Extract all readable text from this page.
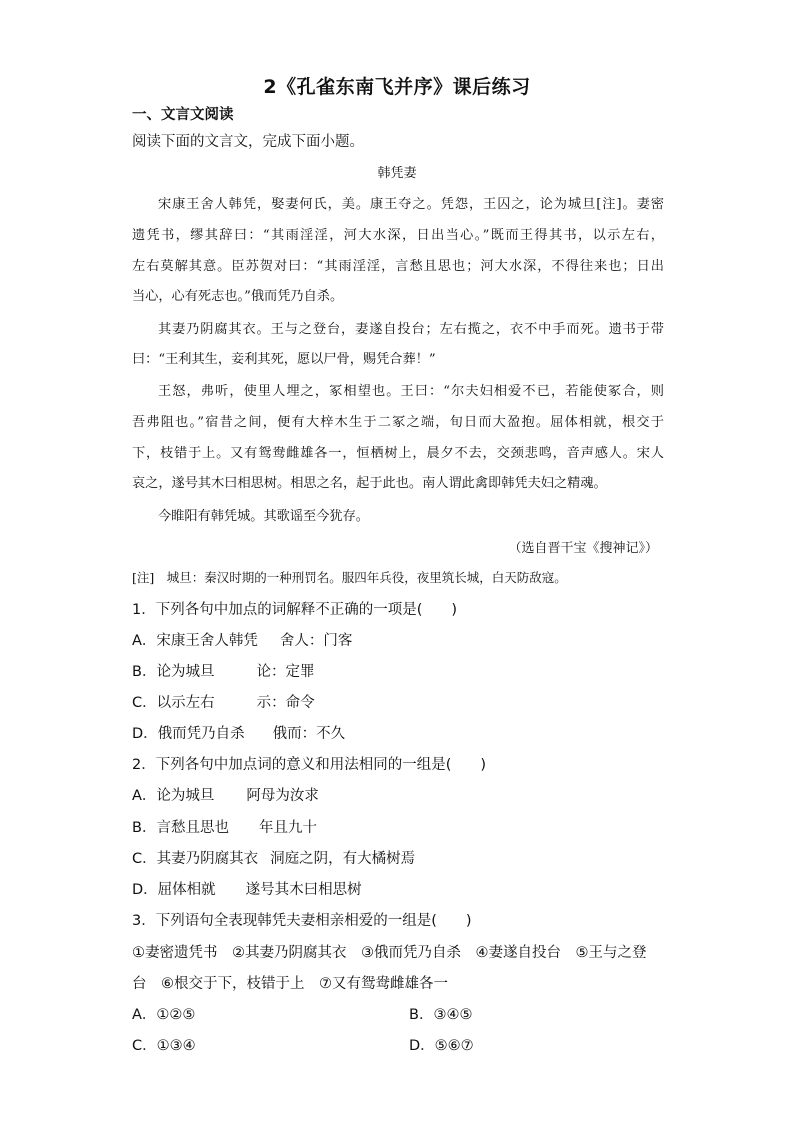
2《孔雀东南飞并序》课后练习
一、文言文阅读
阅读下面的文言文，完成下面小题。
韩凭妻
宋康王舍人韩凭，娶妻何氏，美。康王夺之。凭怨，王囚之，论为城旦[注]。妻密
遗凭书，缪其辞曰：“其雨淫淫，河大水深，日出当心。”既而王得其书，以示左右，
左右莫解其意。臣苏贺对曰：“其雨淫淫，言愁且思也；河大水深，不得往来也；日出
当心，心有死志也。”俄而凭乃自杀。
其妻乃阴腐其衣。王与之登台，妻遂自投台；左右揽之，衣不中手而死。遗书于带
曰：“王利其生，妾利其死，愿以尸骨，赐凭合葬！”
王怒，弗听，使里人埋之，冢相望也。王曰：“尔夫妇相爱不已，若能使冢合，则
吾弗阻也。”宿昔之间，便有大梓木生于二冢之端，旬日而大盈抱。屈体相就，根交于
下，枝错于上。又有鸳鸯雌雄各一，恒栖树上，晨夕不去，交颈悲鸣，音声感人。宋人
哀之，遂号其木曰相思树。相思之名，起于此也。南人谓此禽即韩凭夫妇之精魂。
今睢阳有韩凭城。其歌谣至今犹存。
（选自晋干宝《搜神记》）
[注]　城旦：秦汉时期的一种刑罚名。服四年兵役，夜里筑长城，白天防敌寇。
1．下列各句中加点的词解释不正确的一项是(　　)
A．宋康王舍人韩凭 舍人：门客
B．论为城旦	论：定罪
C．以示左右	示：命令
D．俄而凭乃自杀 俄而：不久
2．下列各句中加点词的意义和用法相同的一组是(　　)
A．论为城旦 阿母为汝求
B．言愁且思也 年且九十
C．其妻乃阴腐其衣 洞庭之阴，有大橘树焉
D．屈体相就 遂号其木曰相思树
3．下列语句全表现韩凭夫妻相亲相爱的一组是(　　)
①妻密遗凭书　②其妻乃阴腐其衣　③俄而凭乃自杀　④妻遂自投台　⑤王与之登
台　⑥根交于下，枝错于上　⑦又有鸳鸯雌雄各一
A．①②⑤	B．③④⑤
C．①③④	D．⑤⑥⑦
